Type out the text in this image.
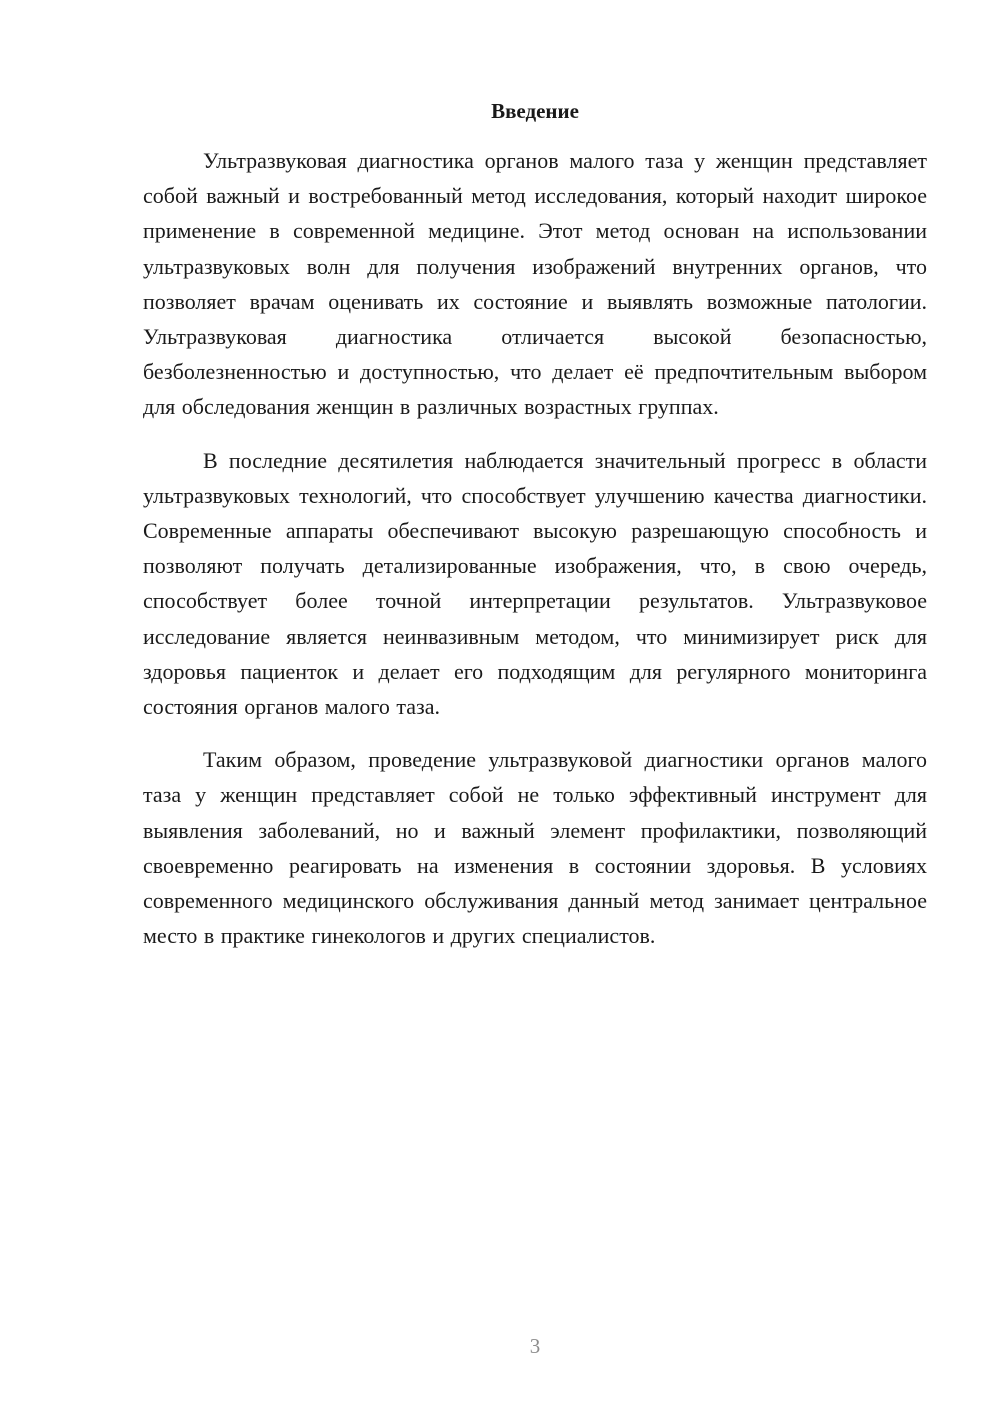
Введение

Ультразвуковая диагностика органов малого таза у женщин представляет собой важный и востребованный метод исследования, который находит широкое применение в современной медицине. Этот метод основан на использовании ультразвуковых волн для получения изображений внутренних органов, что позволяет врачам оценивать их состояние и выявлять возможные патологии. Ультразвуковая диагностика отличается высокой безопасностью, безболезненностью и доступностью, что делает её предпочтительным выбором для обследования женщин в различных возрастных группах.

В последние десятилетия наблюдается значительный прогресс в области ультразвуковых технологий, что способствует улучшению качества диагностики. Современные аппараты обеспечивают высокую разрешающую способность и позволяют получать детализированные изображения, что, в свою очередь, способствует более точной интерпретации результатов. Ультразвуковое исследование является неинвазивным методом, что минимизирует риск для здоровья пациенток и делает его подходящим для регулярного мониторинга состояния органов малого таза.

Таким образом, проведение ультразвуковой диагностики органов малого таза у женщин представляет собой не только эффективный инструмент для выявления заболеваний, но и важный элемент профилактики, позволяющий своевременно реагировать на изменения в состоянии здоровья. В условиях современного медицинского обслуживания данный метод занимает центральное место в практике гинекологов и других специалистов.

3
